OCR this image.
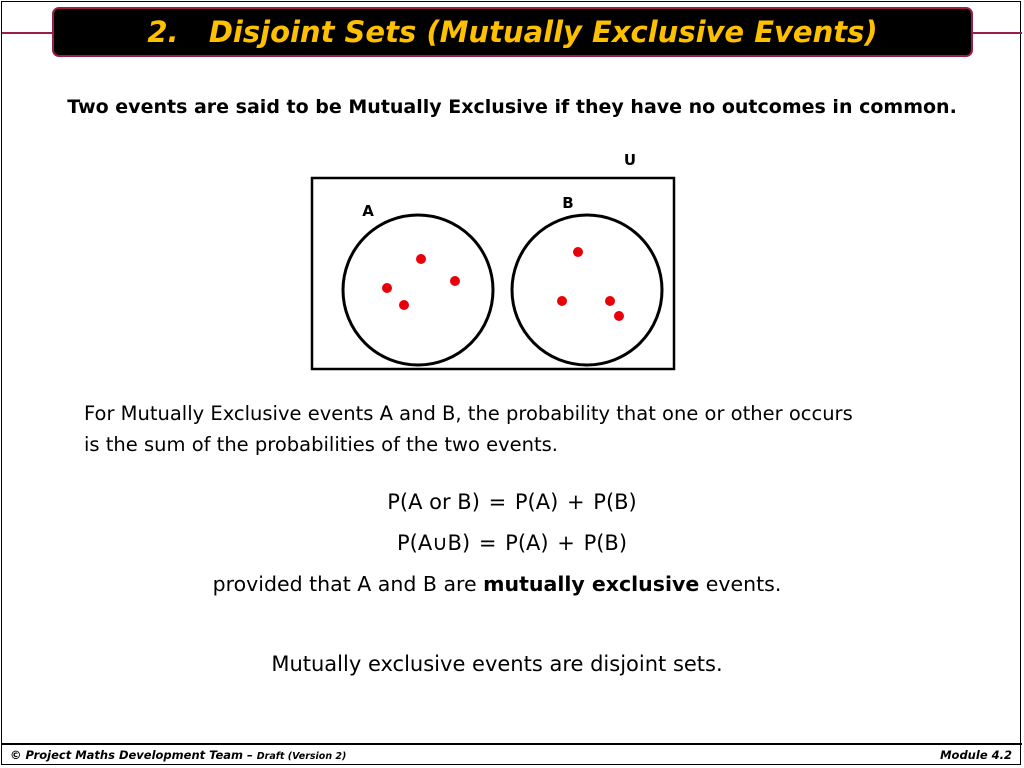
2.   Disjoint Sets (Mutually Exclusive Events)
Two events are said to be Mutually Exclusive if they have no outcomes in common.
U
A	B
For Mutually Exclusive events A and B, the probability that one or other occurs
is the sum of the probabilities of the two events.
P(A or B) = P(A) + P(B)
P(A∪B) = P(A) + P(B)
provided that A and B are mutually exclusive events.
Mutually exclusive events are disjoint sets.
© Project Maths Development Team – Draft (Version 2)	Module 4.2
